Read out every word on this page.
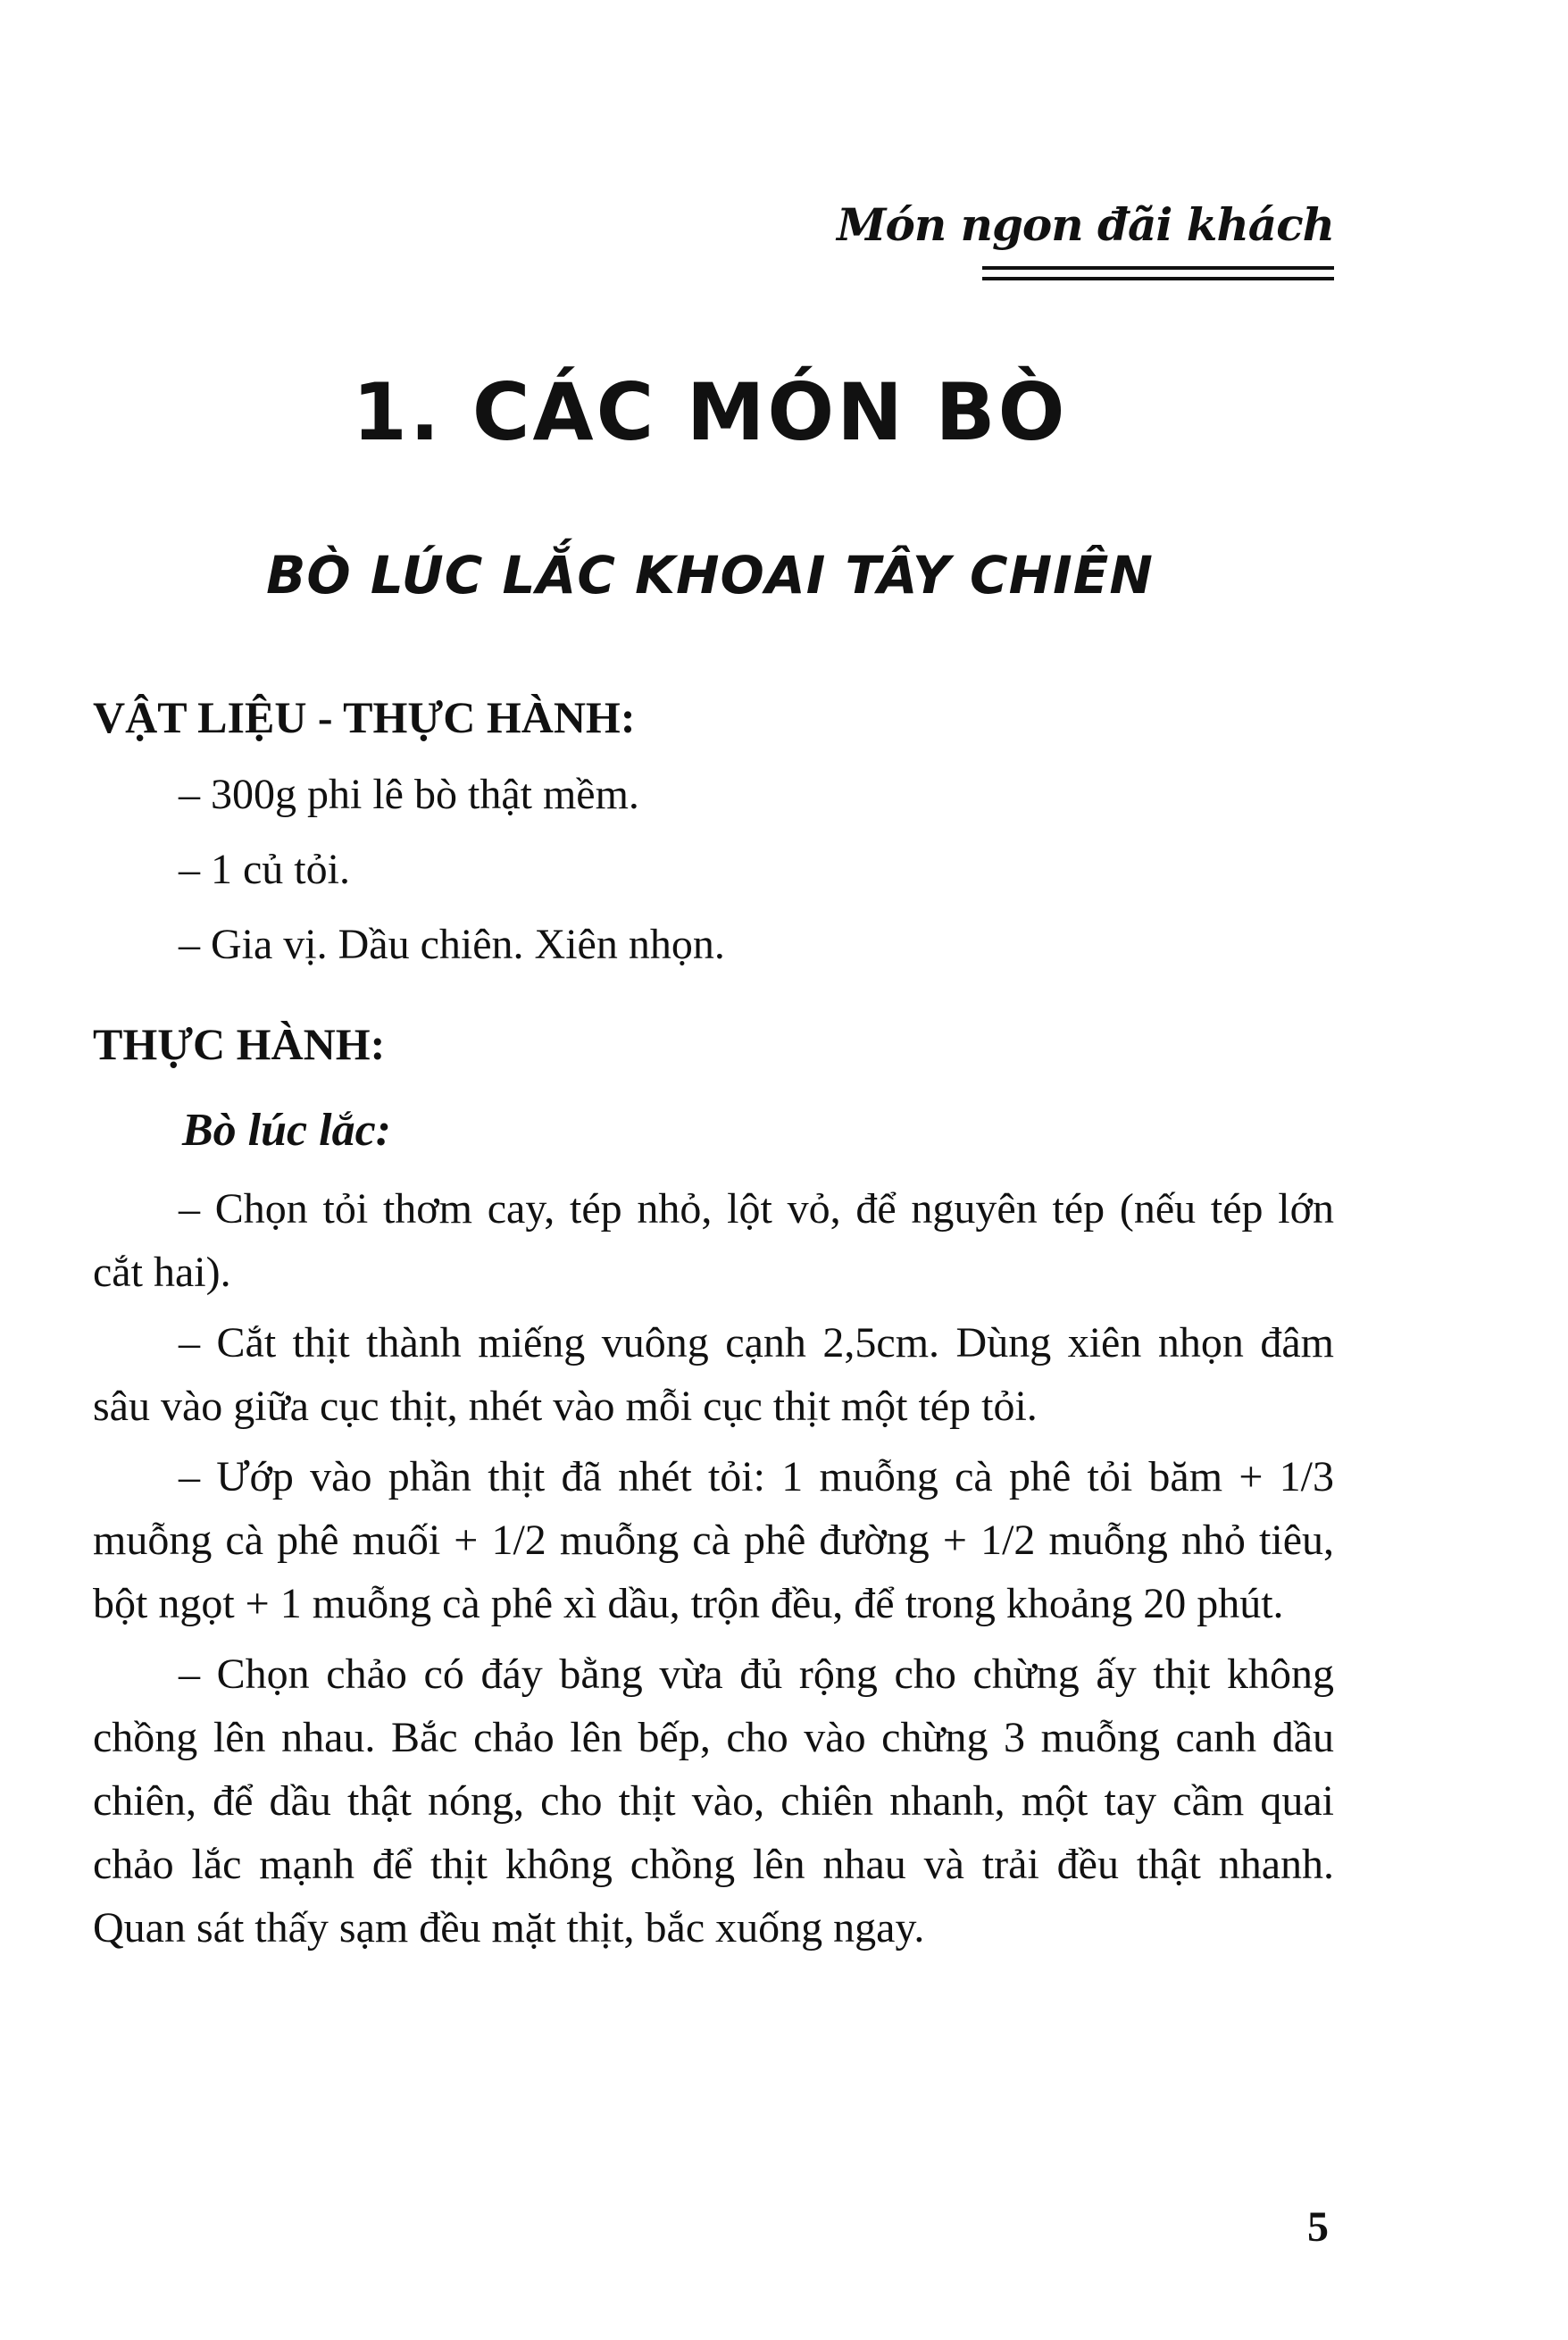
Món ngon đãi khách
1. CÁC MÓN BÒ
BÒ LÚC LẮC KHOAI TÂY CHIÊN
VẬT LIỆU - THỰC HÀNH:
– 300g phi lê bò thật mềm.
– 1 củ tỏi.
– Gia vị. Dầu chiên. Xiên nhọn.
THỰC HÀNH:
Bò lúc lắc:

– Chọn tỏi thơm cay, tép nhỏ, lột vỏ, để nguyên tép (nếu tép lớn cắt hai).

– Cắt thịt thành miếng vuông cạnh 2,5cm. Dùng xiên nhọn đâm sâu vào giữa cục thịt, nhét vào mỗi cục thịt một tép tỏi.

– Ướp vào phần thịt đã nhét tỏi: 1 muỗng cà phê tỏi băm + 1/3 muỗng cà phê muối + 1/2 muỗng cà phê đường + 1/2 muỗng nhỏ tiêu, bột ngọt + 1 muỗng cà phê xì dầu, trộn đều, để trong khoảng 20 phút.

– Chọn chảo có đáy bằng vừa đủ rộng cho chừng ấy thịt không chồng lên nhau. Bắc chảo lên bếp, cho vào chừng 3 muỗng canh dầu chiên, để dầu thật nóng, cho thịt vào, chiên nhanh, một tay cầm quai chảo lắc mạnh để thịt không chồng lên nhau và trải đều thật nhanh. Quan sát thấy sạm đều mặt thịt, bắc xuống ngay.

5
